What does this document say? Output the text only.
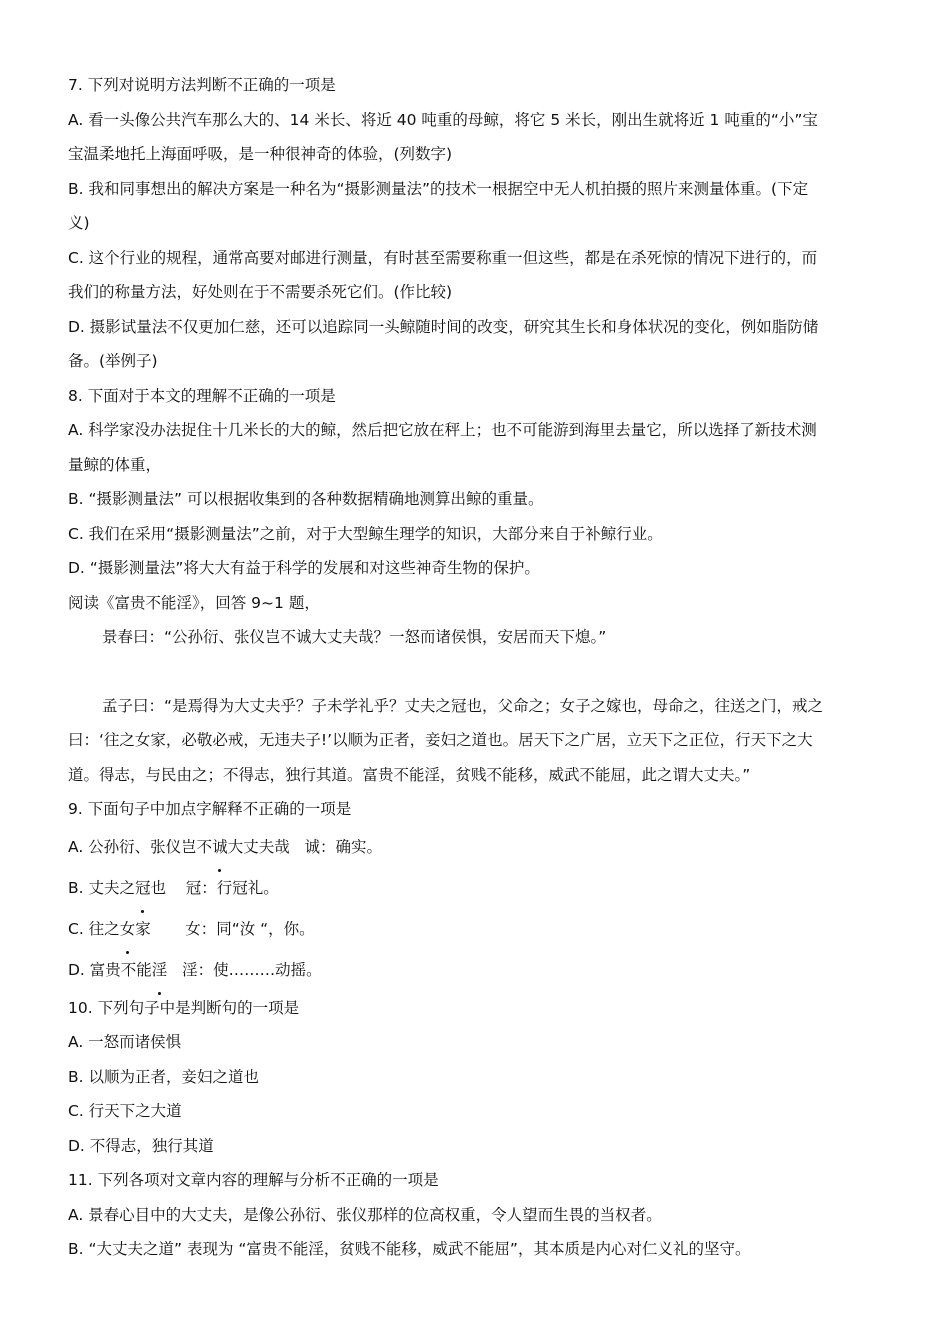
7. 下列对说明方法判断不正确的一项是
A. 看一头像公共汽车那么大的、14 米长、将近 40 吨重的母鲸，将它 5 米长，刚出生就将近 1 吨重的“小”宝
宝温柔地托上海面呼吸，是一种很神奇的体验，(列数字)
B. 我和同事想出的解决方案是一种名为“摄影测量法”的技术一根据空中无人机拍摄的照片来测量体重。(下定
义)
C. 这个行业的规程，通常高要对邮进行测量，有时甚至需要称重一但这些，都是在杀死惊的情况下进行的，而
我们的称量方法，好处则在于不需要杀死它们。(作比较)
D. 摄影试量法不仅更加仁慈，还可以追踪同一头鲸随时间的改变，研究其生长和身体状况的变化，例如脂防储
备。(举例子)
8. 下面对于本文的理解不正确的一项是
A. 科学家没办法捉住十几米长的大的鲸，然后把它放在秤上；也不可能游到海里去量它，所以选择了新技术测
量鲸的体重，
B. “摄影测量法” 可以根据收集到的各种数据精确地测算出鲸的重量。
C. 我们在采用“摄影测量法”之前，对于大型鲸生理学的知识，大部分来自于补鲸行业。
D. “摄影测量法”将大大有益于科学的发展和对这些神奇生物的保护。
阅读《富贵不能淫》，回答 9~1 题，
景春曰：“公孙衍、张仪岂不诚大丈夫哉？一怒而诸侯惧，安居而天下熄。”
孟子曰：“是焉得为大丈夫乎？子未学礼乎？丈夫之冠也，父命之；女子之嫁也，母命之，往送之门，戒之
曰：‘往之女家，必敬必戒，无违夫子!’以顺为正者，妾妇之道也。居天下之广居，立天下之正位，行天下之大
道。得志，与民由之；不得志，独行其道。富贵不能淫，贫贱不能移，威武不能屈，此之谓大丈夫。”
9. 下面句子中加点字解释不正确的一项是
A. 公孙衍、张仪岂不诚大丈夫哉   诚：确实。
B. 丈夫之冠也    冠：行冠礼。
C. 往之女家       女：同“汝 “，你。
D. 富贵不能淫   淫：使………动摇。
10. 下列句子中是判断句的一项是
A. 一怒而诸侯惧
B. 以顺为正者，妾妇之道也
C. 行天下之大道
D. 不得志，独行其道
11. 下列各项对文章内容的理解与分析不正确的一项是
A. 景春心目中的大丈夫，是像公孙衍、张仪那样的位高权重，令人望而生畏的当权者。
B. “大丈夫之道” 表现为 “富贵不能淫，贫贱不能移，威武不能屈”，其本质是内心对仁义礼的坚守。
